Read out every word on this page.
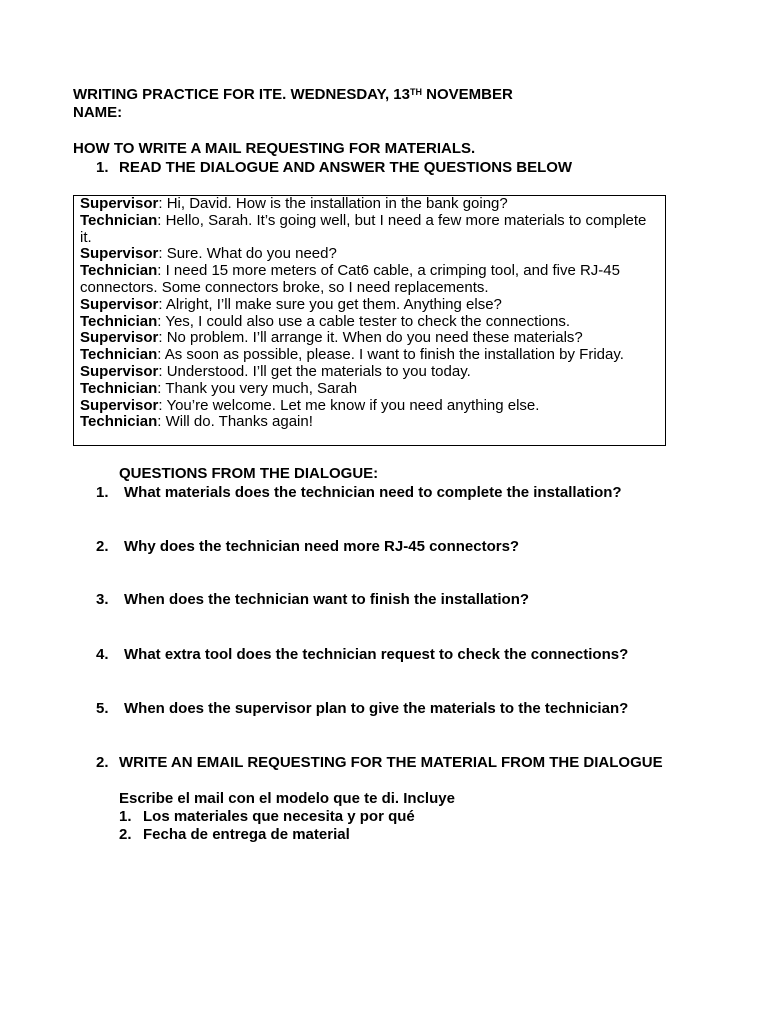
WRITING PRACTICE FOR ITE. WEDNESDAY, 13TH NOVEMBER
NAME:
HOW TO WRITE A MAIL REQUESTING FOR MATERIALS.
1. READ THE DIALOGUE AND ANSWER THE QUESTIONS BELOW
Supervisor: Hi, David. How is the installation in the bank going?
Technician: Hello, Sarah. It’s going well, but I need a few more materials to complete it.
Supervisor: Sure. What do you need?
Technician: I need 15 more meters of Cat6 cable, a crimping tool, and five RJ-45 connectors. Some connectors broke, so I need replacements.
Supervisor: Alright, I’ll make sure you get them. Anything else?
Technician: Yes, I could also use a cable tester to check the connections.
Supervisor: No problem. I’ll arrange it. When do you need these materials?
Technician: As soon as possible, please. I want to finish the installation by Friday.
Supervisor: Understood. I’ll get the materials to you today.
Technician: Thank you very much, Sarah
Supervisor: You’re welcome. Let me know if you need anything else.
Technician: Will do. Thanks again!
QUESTIONS FROM THE DIALOGUE:
1. What materials does the technician need to complete the installation?
2. Why does the technician need more RJ-45 connectors?
3. When does the technician want to finish the installation?
4. What extra tool does the technician request to check the connections?
5. When does the supervisor plan to give the materials to the technician?
2. WRITE AN EMAIL REQUESTING FOR THE MATERIAL FROM THE DIALOGUE
Escribe el mail con el modelo que te di. Incluye
1. Los materiales que necesita y por qué
2. Fecha de entrega de material
